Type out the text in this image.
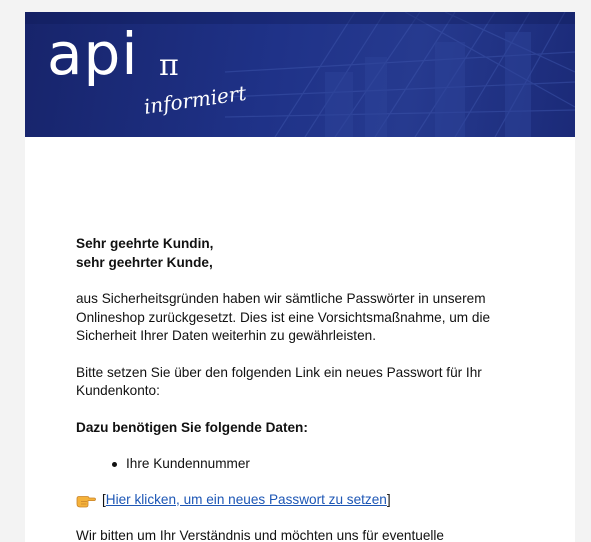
api π
informiert

Sehr geehrte Kundin,
sehr geehrter Kunde,

aus Sicherheitsgründen haben wir sämtliche Passwörter in unserem Onlineshop zurückgesetzt. Dies ist eine Vorsichtsmaßnahme, um die Sicherheit Ihrer Daten weiterhin zu gewährleisten.

Bitte setzen Sie über den folgenden Link ein neues Passwort für Ihr Kundenkonto:

Dazu benötigen Sie folgende Daten:

Ihre Kundennummer
[ Hier klicken, um ein neues Passwort zu setzen ]

Wir bitten um Ihr Verständnis und möchten uns für eventuelle
